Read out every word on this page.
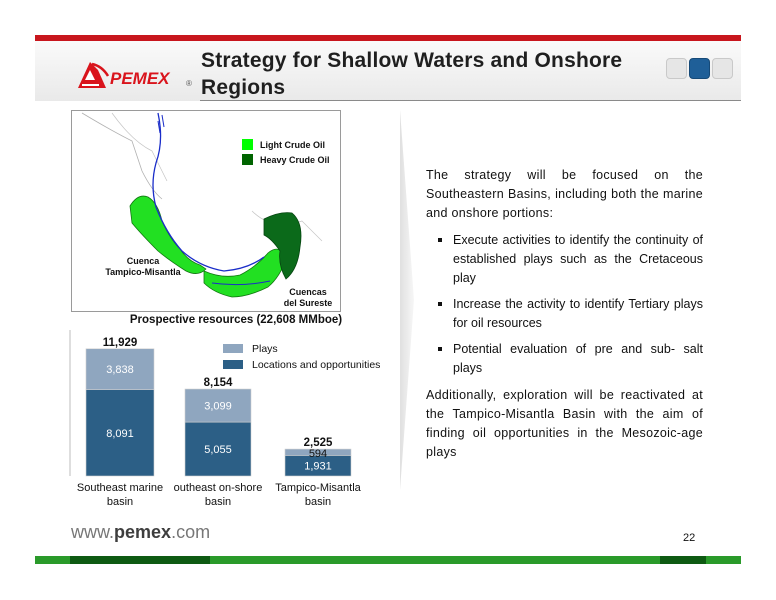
PEMEX ®
Strategy for Shallow Waters and Onshore Regions
Light Crude Oil
Heavy Crude Oil
Cuenca
Tampico-Misantla
Cuencas
del Sureste

The strategy will be focused on the Southeastern Basins, including both the marine and onshore portions:

Execute activities to identify the continuity of established plays such as the Cretaceous play
Increase the activity to identify Tertiary plays for oil resources
Potential evaluation of pre and sub- salt plays

Additionally, exploration will be reactivated at the Tampico-Misantla Basin with the aim of finding oil opportunities in the Mesozoic-age plays

Prospective resources (22,608 MMboe)
8,091
3,838
11,929
Southeast marine
basin
5,055
3,099
8,154
outheast on-shore
basin
1,931
594
2,525
Tampico-Misantla
basin
Plays
Locations and opportunities
www.pemex.com	22
